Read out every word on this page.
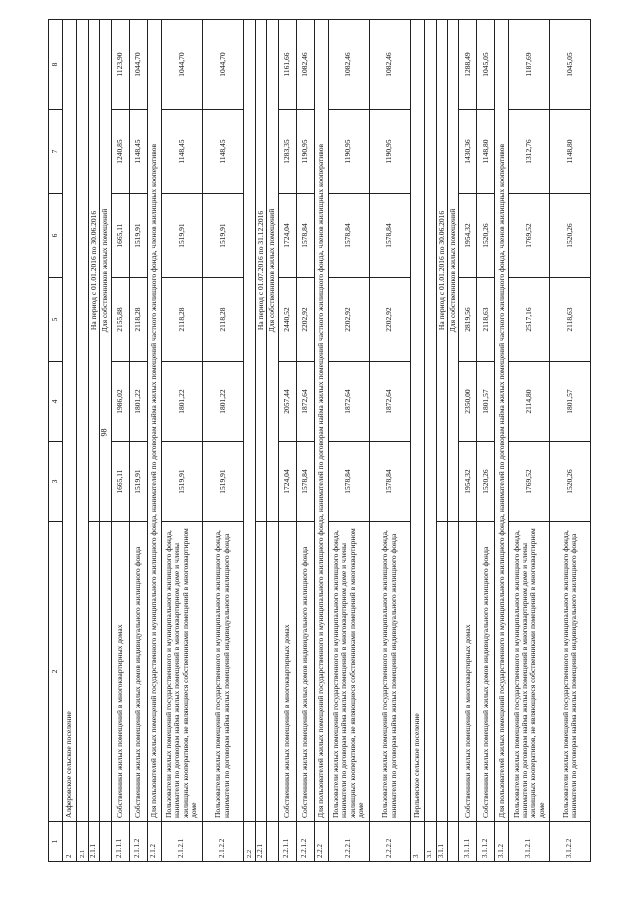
98
1	2	3	4	5	6	7	8
2	Алферовское сельское поселение						
2.1							
2.1.1		На период с 01.01.2016 по 30.06.2016					
		Для собственников жилых помещений					
2.1.1.1	Собственники жилых помещений в многоквартирных домах	1665,11	1986,02	2155,88	1665,11	1240,85	1123,90
2.1.1.2	Собственники жилых помещений жилых домов индивидуального жилищного фонда	1519,91	1801,22	2118,28	1519,91	1148,45	1044,70
2.1.2	Для пользователей жилых помещений государственного и муниципального жилищного фонда, нанимателей по договорам найма жилых помещений частного жилищного фонда, членов жилищных кооперативов						
2.1.2.1	Пользователи жилых помещений государственного и муниципального жилищного фонда, наниматели по договорам найма жилых помещений в многоквартирном доме и члены жилищных кооперативов, не являющиеся собственниками помещений в многоквартирном доме	1519,91	1801,22	2118,28	1519,91	1148,45	1044,70
2.1.2.2	Пользователи жилых помещений государственного и муниципального жилищного фонда, наниматели по договорам найма жилых помещений индивидуального жилищного фонда	1519,91	1801,22	2118,28	1519,91	1148,45	1044,70
2.2							
2.2.1		На период с 01.07.2016 по 31.12.2016					
		Для собственников жилых помещений					
2.2.1.1	Собственники жилых помещений в многоквартирных домах	1724,04	2057,44	2440,52	1724,04	1283,35	1161,66
2.2.1.2	Собственники жилых помещений жилых домов индивидуального жилищного фонда	1578,84	1872,64	2202,92	1578,84	1190,95	1082,46
2.2.2	Для пользователей жилых помещений государственного и муниципального жилищного фонда, нанимателей по договорам найма жилых помещений частного жилищного фонда, членов жилищных кооперативов						
2.2.2.1	Пользователи жилых помещений государственного и муниципального жилищного фонда, наниматели по договорам найма жилых помещений в многоквартирном доме и члены жилищных кооперативов, не являющиеся собственниками помещений в многоквартирном доме	1578,84	1872,64	2202,92	1578,84	1190,95	1082,46
2.2.2.2	Пользователи жилых помещений государственного и муниципального жилищного фонда, наниматели по договорам найма жилых помещений индивидуального жилищного фонда	1578,84	1872,64	2202,92	1578,84	1190,95	1082,46
3	Перльевское сельское поселение						
3.1							
3.1.1		На период с 01.01.2016 по 30.06.2016					
		Для собственников жилых помещений					
3.1.1.1	Собственники жилых помещений в многоквартирных домах	1954,32	2350,00	2819,56	1954,32	1430,36	1288,49
3.1.1.2	Собственники жилых помещений жилых домов индивидуального жилищного фонда	1520,26	1801,57	2118,63	1520,26	1148,80	1045,05
3.1.2	Для пользователей жилых помещений государственного и муниципального жилищного фонда, нанимателей по договорам найма жилых помещений частного жилищного фонда, членов жилищных кооперативов						
3.1.2.1	Пользователи жилых помещений государственного и муниципального жилищного фонда, наниматели по договорам найма жилых помещений в многоквартирном доме и члены жилищных кооперативов, не являющиеся собственниками помещений в многоквартирном доме	1769,52	2114,80	2517,16	1769,52	1312,76	1187,69
3.1.2.2	Пользователи жилых помещений государственного и муниципального жилищного фонда, наниматели по договорам найма жилых помещений индивидуального жилищного фонда	1520,26	1801,57	2118,63	1520,26	1148,80	1045,05
